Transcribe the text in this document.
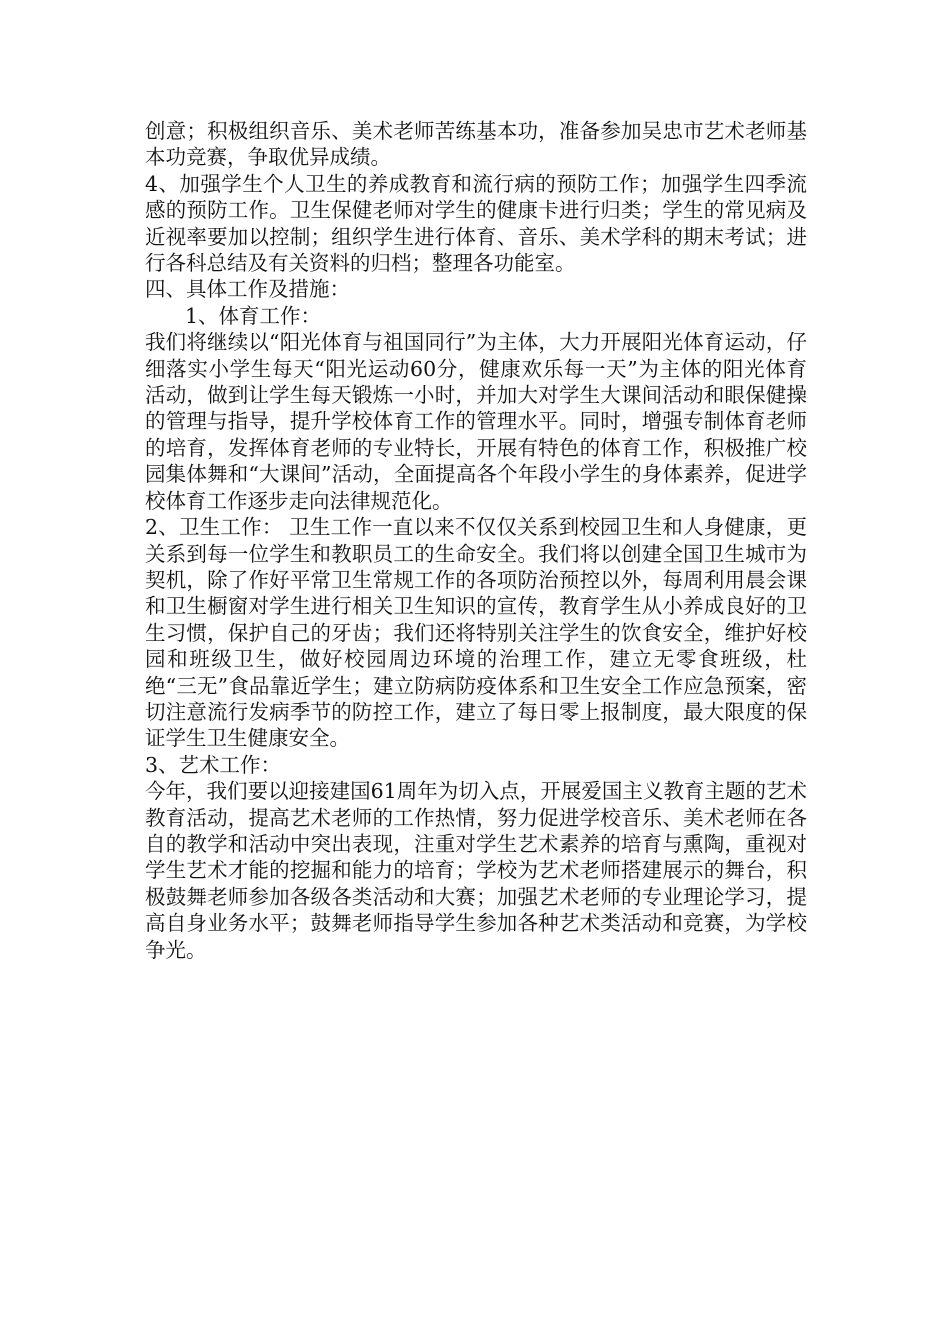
创意；积极组织音乐、美术老师苦练基本功，准备参加吴忠市艺术老师基本功竞赛，争取优异成绩。

4、加强学生个人卫生的养成教育和流行病的预防工作；加强学生四季流感的预防工作。卫生保健老师对学生的健康卡进行归类；学生的常见病及近视率要加以控制；组织学生进行体育、音乐、美术学科的期末考试；进行各科总结及有关资料的归档；整理各功能室。

四、具体工作及措施：

1、体育工作：

我们将继续以“阳光体育与祖国同行”为主体，大力开展阳光体育运动，仔细落实小学生每天“阳光运动60分，健康欢乐每一天”为主体的阳光体育活动，做到让学生每天锻炼一小时，并加大对学生大课间活动和眼保健操的管理与指导，提升学校体育工作的管理水平。同时，增强专制体育老师的培育，发挥体育老师的专业特长，开展有特色的体育工作，积极推广校园集体舞和“大课间”活动，全面提高各个年段小学生的身体素养，促进学校体育工作逐步走向法律规范化。

2、卫生工作： 卫生工作一直以来不仅仅关系到校园卫生和人身健康，更关系到每一位学生和教职员工的生命安全。我们将以创建全国卫生城市为契机，除了作好平常卫生常规工作的各项防治预控以外，每周利用晨会课和卫生橱窗对学生进行相关卫生知识的宣传，教育学生从小养成良好的卫生习惯，保护自己的牙齿；我们还将特别关注学生的饮食安全，维护好校园和班级卫生，做好校园周边环境的治理工作，建立无零食班级，杜绝“三无”食品靠近学生；建立防病防疫体系和卫生安全工作应急预案，密切注意流行发病季节的防控工作，建立了每日零上报制度，最大限度的保证学生卫生健康安全。

3、艺术工作：

今年，我们要以迎接建国61周年为切入点，开展爱国主义教育主题的艺术教育活动，提高艺术老师的工作热情，努力促进学校音乐、美术老师在各自的教学和活动中突出表现，注重对学生艺术素养的培育与熏陶，重视对学生艺术才能的挖掘和能力的培育；学校为艺术老师搭建展示的舞台，积极鼓舞老师参加各级各类活动和大赛；加强艺术老师的专业理论学习，提高自身业务水平；鼓舞老师指导学生参加各种艺术类活动和竞赛，为学校争光。
